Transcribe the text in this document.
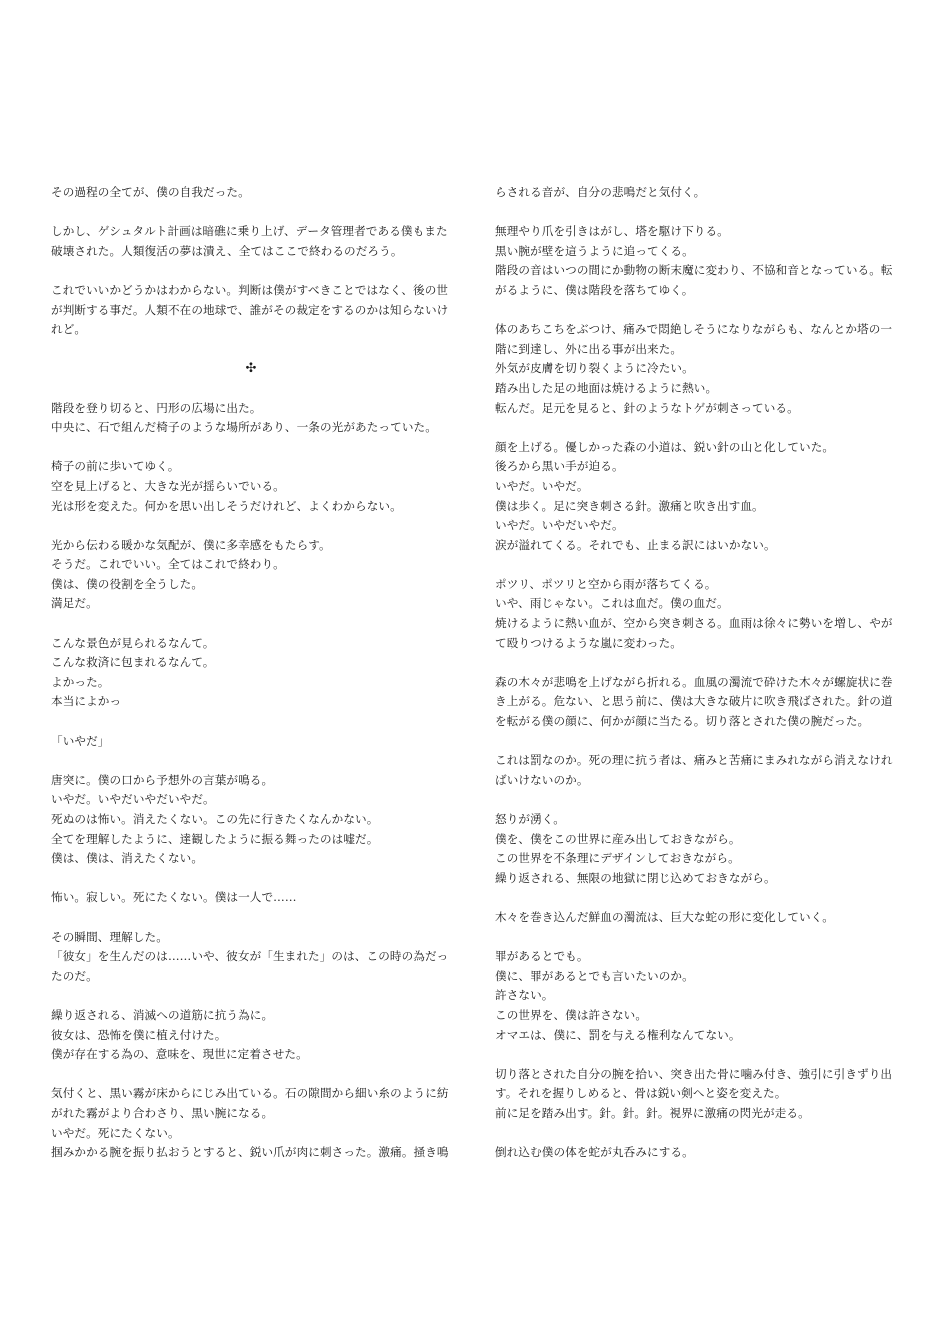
その過程の全てが、僕の自我だった。
しかし、ゲシュタルト計画は暗礁に乗り上げ、データ管理者である僕もまた
破壊された。人類復活の夢は潰え、全てはここで終わるのだろう。
これでいいかどうかはわからない。判断は僕がすべきことではなく、後の世
が判断する事だ。人類不在の地球で、誰がその裁定をするのかは知らないけ
れど。
✣
階段を登り切ると、円形の広場に出た。
中央に、石で組んだ椅子のような場所があり、一条の光があたっていた。
椅子の前に歩いてゆく。
空を見上げると、大きな光が揺らいでいる。
光は形を変えた。何かを思い出しそうだけれど、よくわからない。
光から伝わる暖かな気配が、僕に多幸感をもたらす。
そうだ。これでいい。全てはこれで終わり。
僕は、僕の役割を全うした。
満足だ。
こんな景色が見られるなんて。
こんな救済に包まれるなんて。
よかった。
本当によかっ
「いやだ」
唐突に。僕の口から予想外の言葉が鳴る。
いやだ。いやだいやだいやだ。
死ぬのは怖い。消えたくない。この先に行きたくなんかない。
全てを理解したように、達観したように振る舞ったのは嘘だ。
僕は、僕は、消えたくない。
怖い。寂しい。死にたくない。僕は一人で……
その瞬間、理解した。
「彼女」を生んだのは……いや、彼女が「生まれた」のは、この時の為だっ
たのだ。
繰り返される、消滅への道筋に抗う為に。
彼女は、恐怖を僕に植え付けた。
僕が存在する為の、意味を、現世に定着させた。
気付くと、黒い霧が床からにじみ出ている。石の隙間から細い糸のように紡
がれた霧がより合わさり、黒い腕になる。
いやだ。死にたくない。
掴みかかる腕を振り払おうとすると、鋭い爪が肉に刺さった。激痛。掻き鳴
らされる音が、自分の悲鳴だと気付く。
無理やり爪を引きはがし、塔を駆け下りる。
黒い腕が壁を這うように追ってくる。
階段の音はいつの間にか動物の断末魔に変わり、不協和音となっている。転
がるように、僕は階段を落ちてゆく。
体のあちこちをぶつけ、痛みで悶絶しそうになりながらも、なんとか塔の一
階に到達し、外に出る事が出来た。
外気が皮膚を切り裂くように冷たい。
踏み出した足の地面は焼けるように熱い。
転んだ。足元を見ると、針のようなトゲが刺さっている。
顔を上げる。優しかった森の小道は、鋭い針の山と化していた。
後ろから黒い手が迫る。
いやだ。いやだ。
僕は歩く。足に突き刺さる針。激痛と吹き出す血。
いやだ。いやだいやだ。
涙が溢れてくる。それでも、止まる訳にはいかない。
ポツリ、ポツリと空から雨が落ちてくる。
いや、雨じゃない。これは血だ。僕の血だ。
焼けるように熱い血が、空から突き刺さる。血雨は徐々に勢いを増し、やが
て殴りつけるような嵐に変わった。
森の木々が悲鳴を上げながら折れる。血風の濁流で砕けた木々が螺旋状に巻
き上がる。危ない、と思う前に、僕は大きな破片に吹き飛ばされた。針の道
を転がる僕の顔に、何かが顔に当たる。切り落とされた僕の腕だった。
これは罰なのか。死の理に抗う者は、痛みと苦痛にまみれながら消えなけれ
ばいけないのか。
怒りが湧く。
僕を、僕をこの世界に産み出しておきながら。
この世界を不条理にデザインしておきながら。
繰り返される、無限の地獄に閉じ込めておきながら。
木々を巻き込んだ鮮血の濁流は、巨大な蛇の形に変化していく。
罪があるとでも。
僕に、罪があるとでも言いたいのか。
許さない。
この世界を、僕は許さない。
オマエは、僕に、罰を与える権利なんてない。
切り落とされた自分の腕を拾い、突き出た骨に噛み付き、強引に引きずり出
す。それを握りしめると、骨は鋭い剣へと姿を変えた。
前に足を踏み出す。針。針。針。視界に激痛の閃光が走る。
倒れ込む僕の体を蛇が丸呑みにする。
